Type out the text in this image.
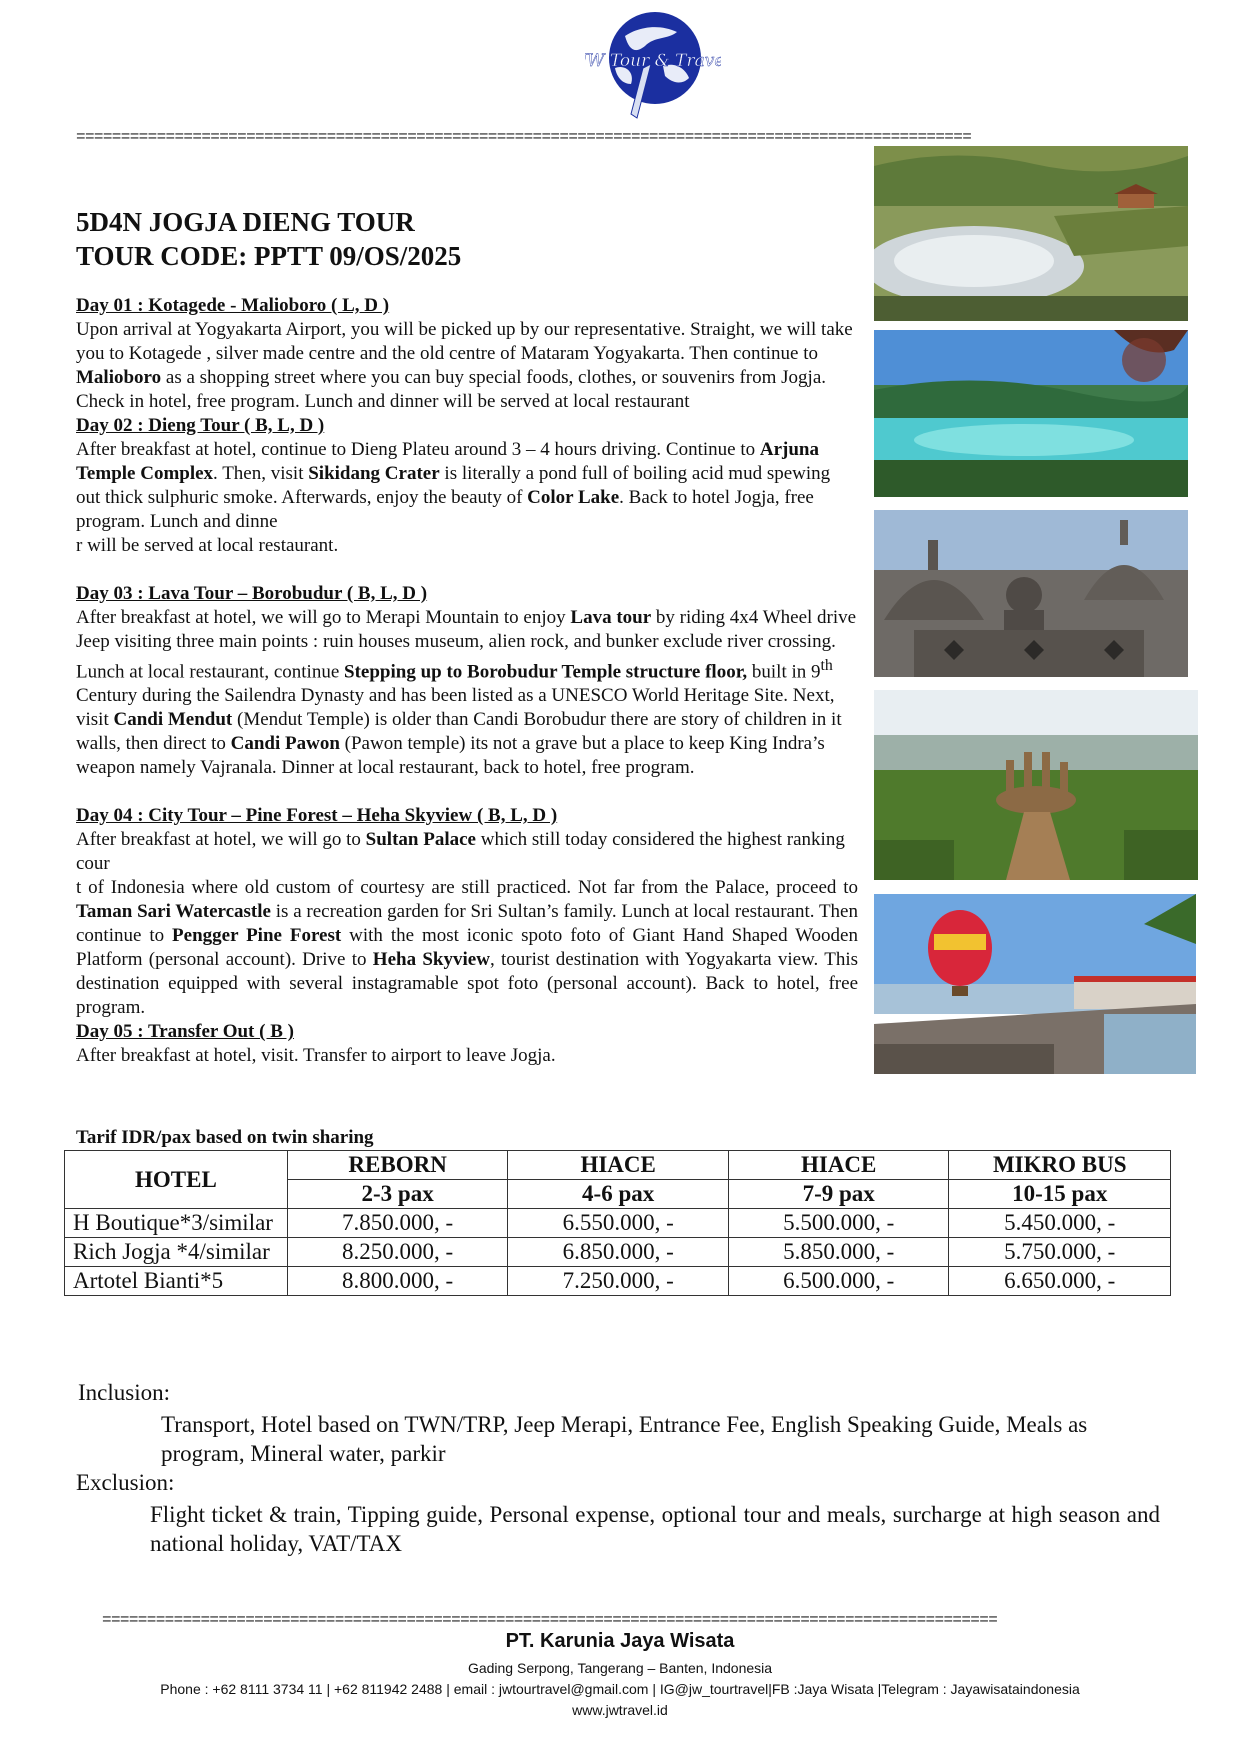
JW Tour & Travel
====================================================================================================
5D4N JOGJA DIENG TOUR
TOUR CODE: PPTT 09/OS/2025
Day 01 : Kotagede - Malioboro ( L, D )

Upon arrival at Yogyakarta Airport, you will be picked up by our representative. Straight, we will take you to Kotagede , silver made centre and the old centre of Mataram Yogyakarta. Then continue to Malioboro as a shopping street where you can buy special foods, clothes, or souvenirs from Jogja. Check in hotel, free program. Lunch and dinner will be served at local restaurant

Day 02 : Dieng Tour ( B, L, D )

After breakfast at hotel, continue to Dieng Plateu around 3 – 4 hours driving. Continue to Arjuna Temple Complex. Then, visit Sikidang Crater is literally a pond full of boiling acid mud spewing out thick sulphuric smoke. Afterwards, enjoy the beauty of Color Lake. Back to hotel Jogja, free program. Lunch and dinne

r will be served at local restaurant.

Day 03 : Lava Tour – Borobudur ( B, L, D )

After breakfast at hotel, we will go to Merapi Mountain to enjoy Lava tour by riding 4x4 Wheel drive Jeep visiting three main points : ruin houses museum, alien rock, and bunker exclude river crossing. Lunch at local restaurant, continue Stepping up to Borobudur Temple structure floor, built in 9th Century during the Sailendra Dynasty and has been listed as a UNESCO World Heritage Site. Next, visit Candi Mendut (Mendut Temple) is older than Candi Borobudur there are story of children in it walls, then direct to Candi Pawon (Pawon temple) its not a grave but a place to keep King Indra’s weapon namely Vajranala. Dinner at local restaurant, back to hotel, free program.

Day 04 : City Tour – Pine Forest – Heha Skyview ( B, L, D )

After breakfast at hotel, we will go to Sultan Palace which still today considered the highest ranking cour

t of Indonesia where old custom of courtesy are still practiced. Not far from the Palace, proceed to Taman Sari Watercastle is a recreation garden for Sri Sultan’s family. Lunch at local restaurant. Then continue to Pengger Pine Forest with the most iconic spoto foto of Giant Hand Shaped Wooden Platform (personal account). Drive to Heha Skyview, tourist destination with Yogyakarta view. This destination equipped with several instagramable spot foto (personal account). Back to hotel, free program.

Day 05 : Transfer Out ( B )

After breakfast at hotel, visit. Transfer to airport to leave Jogja.

Tarif IDR/pax based on twin sharing
HOTEL	REBORN	HIACE	HIACE	MIKRO BUS
	2-3 pax	4-6 pax	7-9 pax	10-15 pax
H Boutique*3/similar	7.850.000, -	6.550.000, -	5.500.000, -	5.450.000, -
Rich Jogja *4/similar	8.250.000, -	6.850.000, -	5.850.000, -	5.750.000, -
Artotel Bianti*5	8.800.000, -	7.250.000, -	6.500.000, -	6.650.000, -
Inclusion:
Transport, Hotel based on TWN/TRP, Jeep Merapi, Entrance Fee, English Speaking Guide, Meals as program, Mineral water, parkir
Exclusion:
Flight ticket & train, Tipping guide, Personal expense, optional tour and meals, surcharge at high season and national holiday, VAT/TAX
====================================================================================================
PT. Karunia Jaya Wisata
Gading Serpong, Tangerang – Banten, Indonesia
Phone : +62 8111 3734 11 | +62 811942 2488 | email : jwtourtravel@gmail.com | IG@jw_tourtravel|FB :Jaya Wisata |Telegram : Jayawisataindonesia
www.jwtravel.id
